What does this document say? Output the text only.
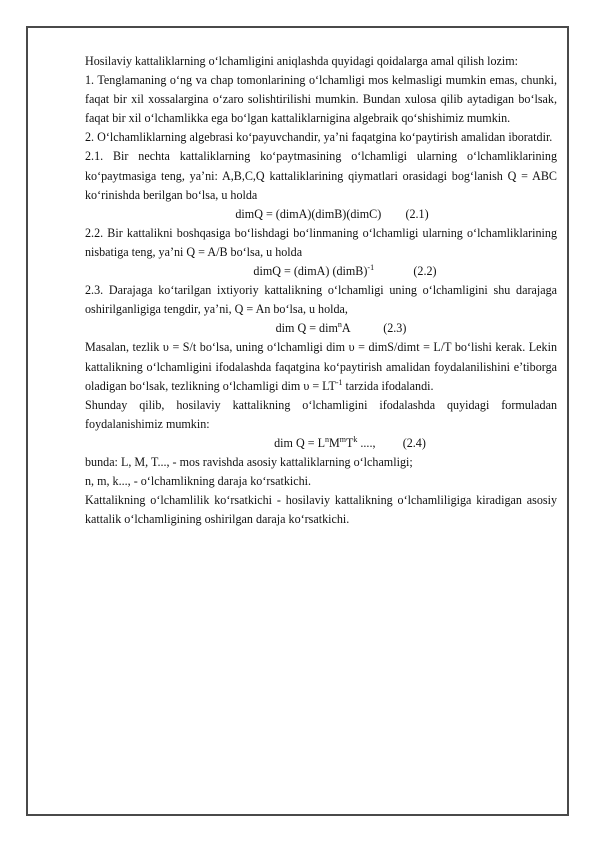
Hosilaviy kattaliklarning o‘lchamligini aniqlashda quyidagi qoidalarga amal qilish lozim:

1. Tenglamaning o‘ng va chap tomonlarining o‘lchamligi mos kelmasligi mumkin emas, chunki, faqat bir xil xossalargina o‘zaro solishtirilishi mumkin. Bundan xulosa qilib aytadigan bo‘lsak, faqat bir xil o‘lchamlikka ega bo‘lgan kattaliklarnigina algebraik qo‘shishimiz mumkin.

2. O‘lchamliklarning algebrasi ko‘payuvchandir, ya’ni faqatgina ko‘paytirish amalidan iboratdir.

2.1. Bir nechta kattaliklarning ko‘paytmasining o‘lchamligi ularning o‘lchamliklarining ko‘paytmasiga teng, ya’ni: A,B,C,Q kattaliklarining qiymatlari orasidagi bog‘lanish Q = ABC ko‘rinishda berilgan bo‘lsa, u holda

dimQ = (dimA)(dimB)(dimC)        (2.1)

2.2. Bir kattalikni boshqasiga bo‘lishdagi bo‘linmaning o‘lchamligi ularning o‘lchamliklarining nisbatiga teng, ya’ni Q = A/B bo‘lsa, u holda

dimQ = (dimA) (dimB)$^{-1}$             (2.2)

2.3. Darajaga ko‘tarilgan ixtiyoriy kattalikning o‘lchamligi uning o‘lchamligini shu darajaga oshirilganligiga tengdir, ya’ni, Q = An bo‘lsa, u holda,

dim Q = dim$^n$A           (2.3)

Masalan, tezlik υ = S/t bo‘lsa, uning o‘lchamligi dim υ = dimS/dimt = L/T bo‘lishi kerak. Lekin kattalikning o‘lchamligini ifodalashda faqatgina ko‘paytirish amalidan foydalanilishini e’tiborga oladigan bo‘lsak, tezlikning o‘lchamligi dim $\upsilon = LT^{-1}$ tarzida ifodalandi.

Shunday qilib, hosilaviy kattalikning o‘lchamligini ifodalashda quyidagi formuladan foydalanishimiz mumkin:

dim $Q = L^nM^mT^k$ ....,         (2.4)

bunda: L, M, T..., - mos ravishda asosiy kattaliklarning o‘lchamligi;

n, m, k..., - o‘lchamlikning daraja ko‘rsatkichi.

Kattalikning o‘lchamlilik ko‘rsatkichi - hosilaviy kattalikning o‘lchamliligiga kiradigan asosiy kattalik o‘lchamligining oshirilgan daraja ko‘rsatkichi.
